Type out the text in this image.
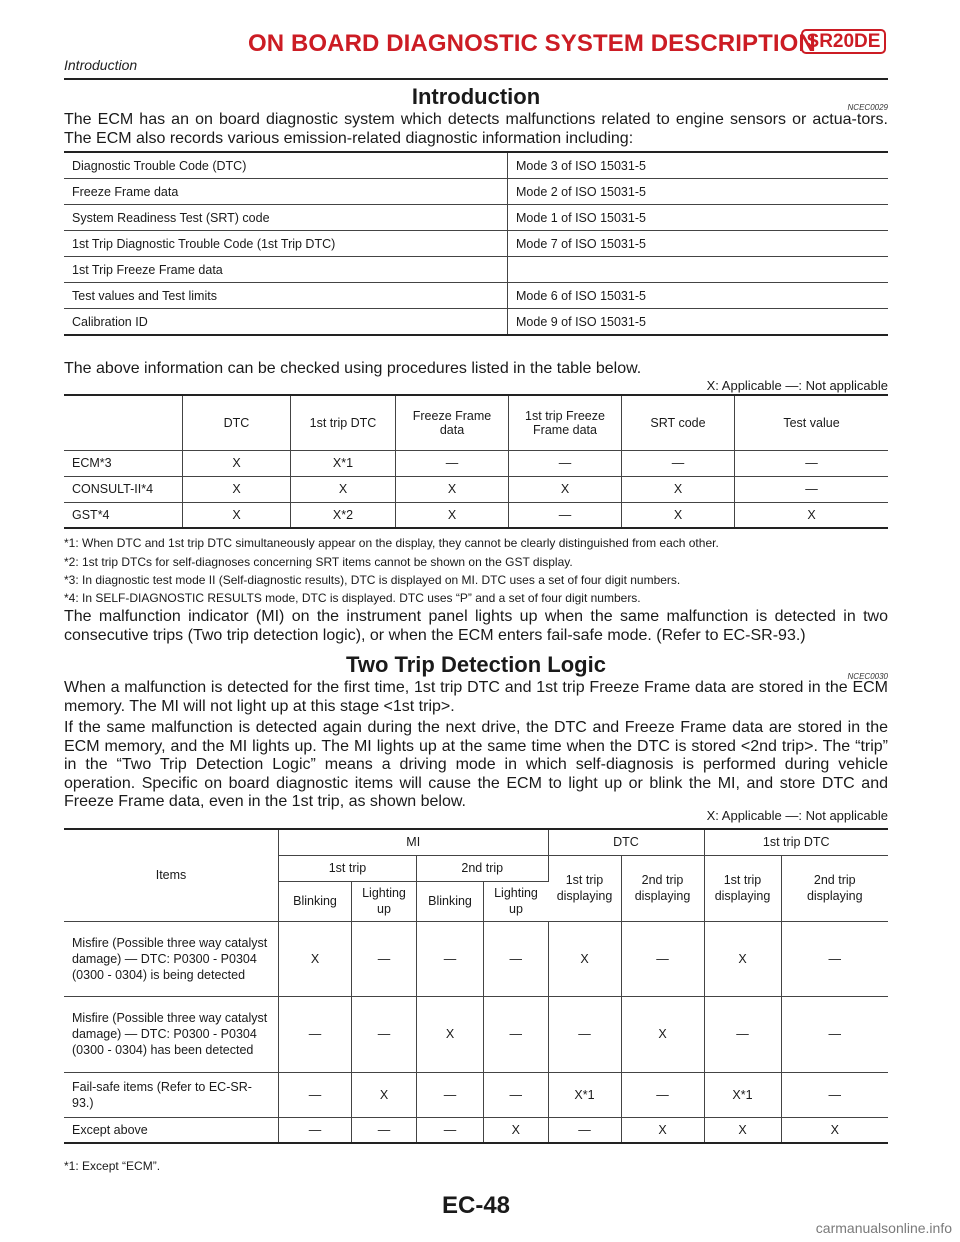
ON BOARD DIAGNOSTIC SYSTEM DESCRIPTION
SR20DE
Introduction
Introduction	NCEC0029
The ECM has an on board diagnostic system which detects malfunctions related to engine sensors or actua-tors. The ECM also records various emission-related diagnostic information including:
Diagnostic Trouble Code (DTC)	Mode 3 of ISO 15031-5
Freeze Frame data	Mode 2 of ISO 15031-5
System Readiness Test (SRT) code	Mode 1 of ISO 15031-5
1st Trip Diagnostic Trouble Code (1st Trip DTC)	Mode 7 of ISO 15031-5
1st Trip Freeze Frame data	
Test values and Test limits	Mode 6 of ISO 15031-5
Calibration ID	Mode 9 of ISO 15031-5
The above information can be checked using procedures listed in the table below.
X: Applicable —: Not applicable
	DTC	1st trip DTC	Freeze Frame data	1st trip Freeze Frame data	SRT code	Test value
ECM*3	X	X*1	—	—	—	—
CONSULT-II*4	X	X	X	X	X	—
GST*4	X	X*2	X	—	X	X
*1: When DTC and 1st trip DTC simultaneously appear on the display, they cannot be clearly distinguished from each other.
*2: 1st trip DTCs for self-diagnoses concerning SRT items cannot be shown on the GST display.
*3: In diagnostic test mode II (Self-diagnostic results), DTC is displayed on MI. DTC uses a set of four digit numbers.
*4: In SELF-DIAGNOSTIC RESULTS mode, DTC is displayed. DTC uses “P” and a set of four digit numbers.
The malfunction indicator (MI) on the instrument panel lights up when the same malfunction is detected in two consecutive trips (Two trip detection logic), or when the ECM enters fail-safe mode. (Refer to EC-SR-93.)
Two Trip Detection Logic	NCEC0030
When a malfunction is detected for the first time, 1st trip DTC and 1st trip Freeze Frame data are stored in the ECM memory. The MI will not light up at this stage <1st trip>.
If the same malfunction is detected again during the next drive, the DTC and Freeze Frame data are stored in the ECM memory, and the MI lights up. The MI lights up at the same time when the DTC is stored <2nd trip>. The “trip” in the “Two Trip Detection Logic” means a driving mode in which self-diagnosis is performed during vehicle operation. Specific on board diagnostic items will cause the ECM to light up or blink the MI, and store DTC and Freeze Frame data, even in the 1st trip, as shown below.
X: Applicable —: Not applicable
Items	MI				DTC		1st trip DTC	
	1st trip		2nd trip		1st trip displaying	2nd trip displaying	1st trip displaying	2nd trip displaying
	Blinking	Lighting up	Blinking	Lighting up				
Misfire (Possible three way catalyst damage) — DTC: P0300 - P0304 (0300 - 0304) is being detected	X	—	—	—	X	—	X	—
Misfire (Possible three way catalyst damage) — DTC: P0300 - P0304 (0300 - 0304) has been detected	—	—	X	—	—	X	—	—
Fail-safe items (Refer to EC-SR-93.)	—	X	—	—	X*1	—	X*1	—
Except above	—	—	—	X	—	X	X	X
*1: Except “ECM”.
EC-48
carmanualsonline.info
